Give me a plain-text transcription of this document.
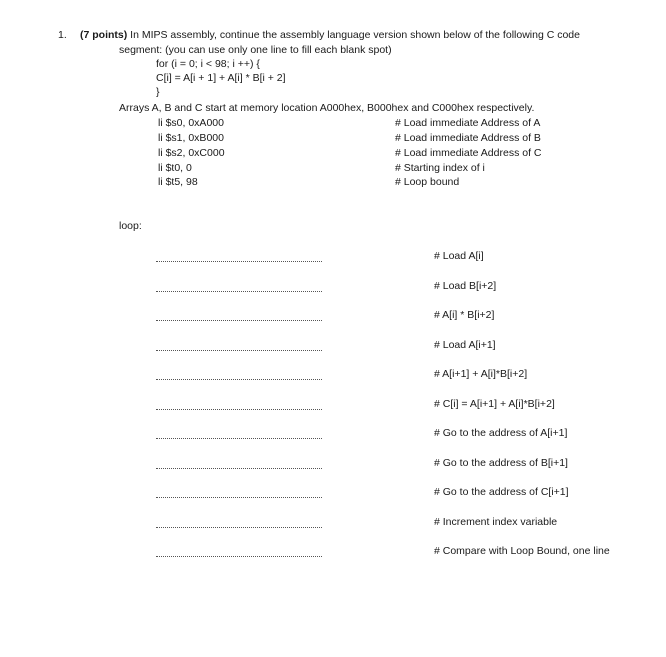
1. (7 points) In MIPS assembly, continue the assembly language version shown below of the following C code
segment: (you can use only one line to fill each blank spot)
for (i = 0; i < 98; i ++) {
C[i] = A[i + 1] + A[i] * B[i + 2]
}
Arrays A, B and C start at memory location A000hex, B000hex and C000hex respectively.
li $s0, 0xA000	# Load immediate Address of A
li $s1, 0xB000	# Load immediate Address of B
li $s2, 0xC000	# Load immediate Address of C
li $t0, 0	# Starting index of i
li $t5, 98	# Loop bound
loop:
# Load A[i]
# Load B[i+2]
# A[i] * B[i+2]
# Load A[i+1]
# A[i+1] + A[i]*B[i+2]
# C[i] = A[i+1] + A[i]*B[i+2]
# Go to the address of A[i+1]
# Go to the address of B[i+1]
# Go to the address of C[i+1]
# Increment index variable
# Compare with Loop Bound, one line
